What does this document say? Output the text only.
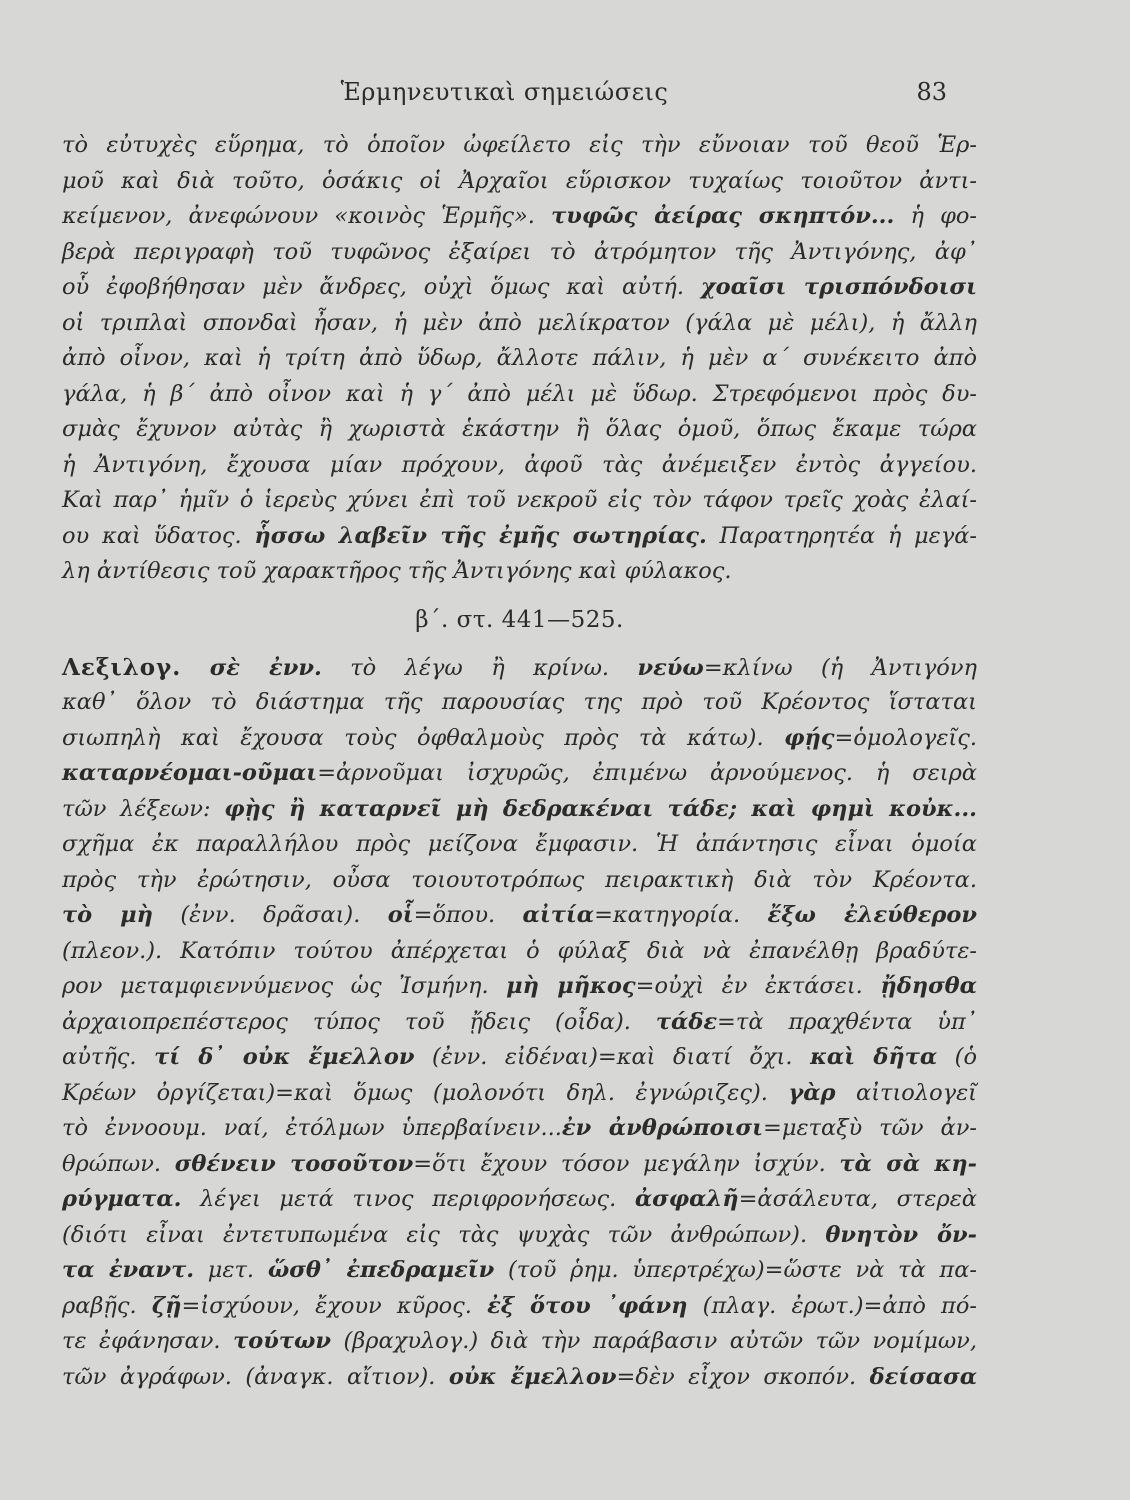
Ἑρμηνευτικαὶ σημειώσεις	83
τὸ εὐτυχὲς εὕρημα, τὸ ὁποῖον ὠφείλετο εἰς τὴν εὔνοιαν τοῦ θεοῦ Ἑρ-
μοῦ καὶ διὰ τοῦτο, ὁσάκις οἱ Ἀρχαῖοι εὕρισκον τυχαίως τοιοῦτον ἀντι-
κείμενον, ἀνεφώνουν «κοινὸς Ἑρμῆς». τυφῶς ἀείρας σκηπτόν... ἡ φο-
βερὰ περιγραφὴ τοῦ τυφῶνος ἐξαίρει τὸ ἀτρόμητον τῆς Ἀντιγόνης, ἀφ᾽
οὗ ἐφοβήθησαν μὲν ἄνδρες, οὐχὶ ὅμως καὶ αὐτή. χοαῖσι τρισπόνδοισι
οἱ τριπλαὶ σπονδαὶ ἦσαν, ἡ μὲν ἀπὸ μελίκρατον (γάλα μὲ μέλι), ἡ ἄλλη
ἀπὸ οἶνον, καὶ ἡ τρίτη ἀπὸ ὕδωρ, ἄλλοτε πάλιν, ἡ μὲν α΄ συνέκειτο ἀπὸ
γάλα, ἡ β΄ ἀπὸ οἶνον καὶ ἡ γ΄ ἀπὸ μέλι μὲ ὕδωρ. Στρεφόμενοι πρὸς δυ-
σμὰς ἔχυνον αὐτὰς ἢ χωριστὰ ἑκάστην ἢ ὅλας ὁμοῦ, ὅπως ἔκαμε τώρα
ἡ Ἀντιγόνη, ἔχουσα μίαν πρόχουν, ἀφοῦ τὰς ἀνέμειξεν ἐντὸς ἀγγείου.
Καὶ παρ᾽ ἡμῖν ὁ ἱερεὺς χύνει ἐπὶ τοῦ νεκροῦ εἰς τὸν τάφον τρεῖς χοὰς ἐλαί-
ου καὶ ὕδατος. ἧσσω λαβεῖν τῆς ἐμῆς σωτηρίας. Παρατηρητέα ἡ μεγά-
λη ἀντίθεσις τοῦ χαρακτῆρος τῆς Ἀντιγόνης καὶ φύλακος.
β΄. στ. 441—525.
Λεξιλογ. σὲ ἐνν. τὸ λέγω ἢ κρίνω. νεύω=κλίνω (ἡ Ἀντιγόνη
καθ᾽ ὅλον τὸ διάστημα τῆς παρουσίας της πρὸ τοῦ Κρέοντος ἵσταται
σιωπηλὴ καὶ ἔχουσα τοὺς ὀφθαλμοὺς πρὸς τὰ κάτω). φῄς=ὁμολογεῖς.
καταρνέομαι-οῦμαι=ἀρνοῦμαι ἰσχυρῶς, ἐπιμένω ἀρνούμενος. ἡ σειρὰ
τῶν λέξεων: φῂς ἢ καταρνεῖ μὴ δεδρακέναι τάδε; καὶ φημὶ κοὐκ...
σχῆμα ἐκ παραλλήλου πρὸς μείζονα ἔμφασιν. Ἡ ἀπάντησις εἶναι ὁμοία
πρὸς τὴν ἐρώτησιν, οὖσα τοιουτοτρόπως πειρακτικὴ διὰ τὸν Κρέοντα.
τὸ μὴ (ἐνν. δρᾶσαι). οἷ=ὅπου. αἰτία=κατηγορία. ἔξω ἐλεύθερον
(πλεον.). Κατόπιν τούτου ἀπέρχεται ὁ φύλαξ διὰ νὰ ἐπανέλθῃ βραδύτε-
ρον μεταμφιεννύμενος ὡς Ἰσμήνη. μὴ μῆκος=οὐχὶ ἐν ἐκτάσει. ᾔδησθα
ἀρχαιοπρεπέστερος τύπος τοῦ ᾔδεις (οἶδα). τάδε=τὰ πραχθέντα ὑπ᾽
αὐτῆς. τί δ᾽ οὐκ ἔμελλον (ἐνν. εἰδέναι)=καὶ διατί ὄχι. καὶ δῆτα (ὁ
Κρέων ὀργίζεται)=καὶ ὅμως (μολονότι δηλ. ἐγνώριζες). γὰρ αἰτιολογεῖ
τὸ ἐννοουμ. ναί, ἐτόλμων ὑπερβαίνειν...ἐν ἀνθρώποισι=μεταξὺ τῶν ἀν-
θρώπων. σθένειν τοσοῦτον=ὅτι ἔχουν τόσον μεγάλην ἰσχύν. τὰ σὰ κη-
ρύγματα. λέγει μετά τινος περιφρονήσεως. ἀσφαλῆ=ἀσάλευτα, στερεὰ
(διότι εἶναι ἐντετυπωμένα εἰς τὰς ψυχὰς τῶν ἀνθρώπων). θνητὸν ὄν-
τα ἐναντ. μετ. ὥσθ᾽ ἐπεδραμεῖν (τοῦ ῥημ. ὑπερτρέχω)=ὥστε νὰ τὰ πα-
ραβῇς. ζῇ=ἰσχύουν, ἔχουν κῦρος. ἐξ ὅτου ᾽φάνη (πλαγ. ἐρωτ.)=ἀπὸ πό-
τε ἐφάνησαν. τούτων (βραχυλογ.) διὰ τὴν παράβασιν αὐτῶν τῶν νομίμων,
τῶν ἀγράφων. (ἀναγκ. αἴτιον). οὐκ ἔμελλον=δὲν εἶχον σκοπόν. δείσασα
